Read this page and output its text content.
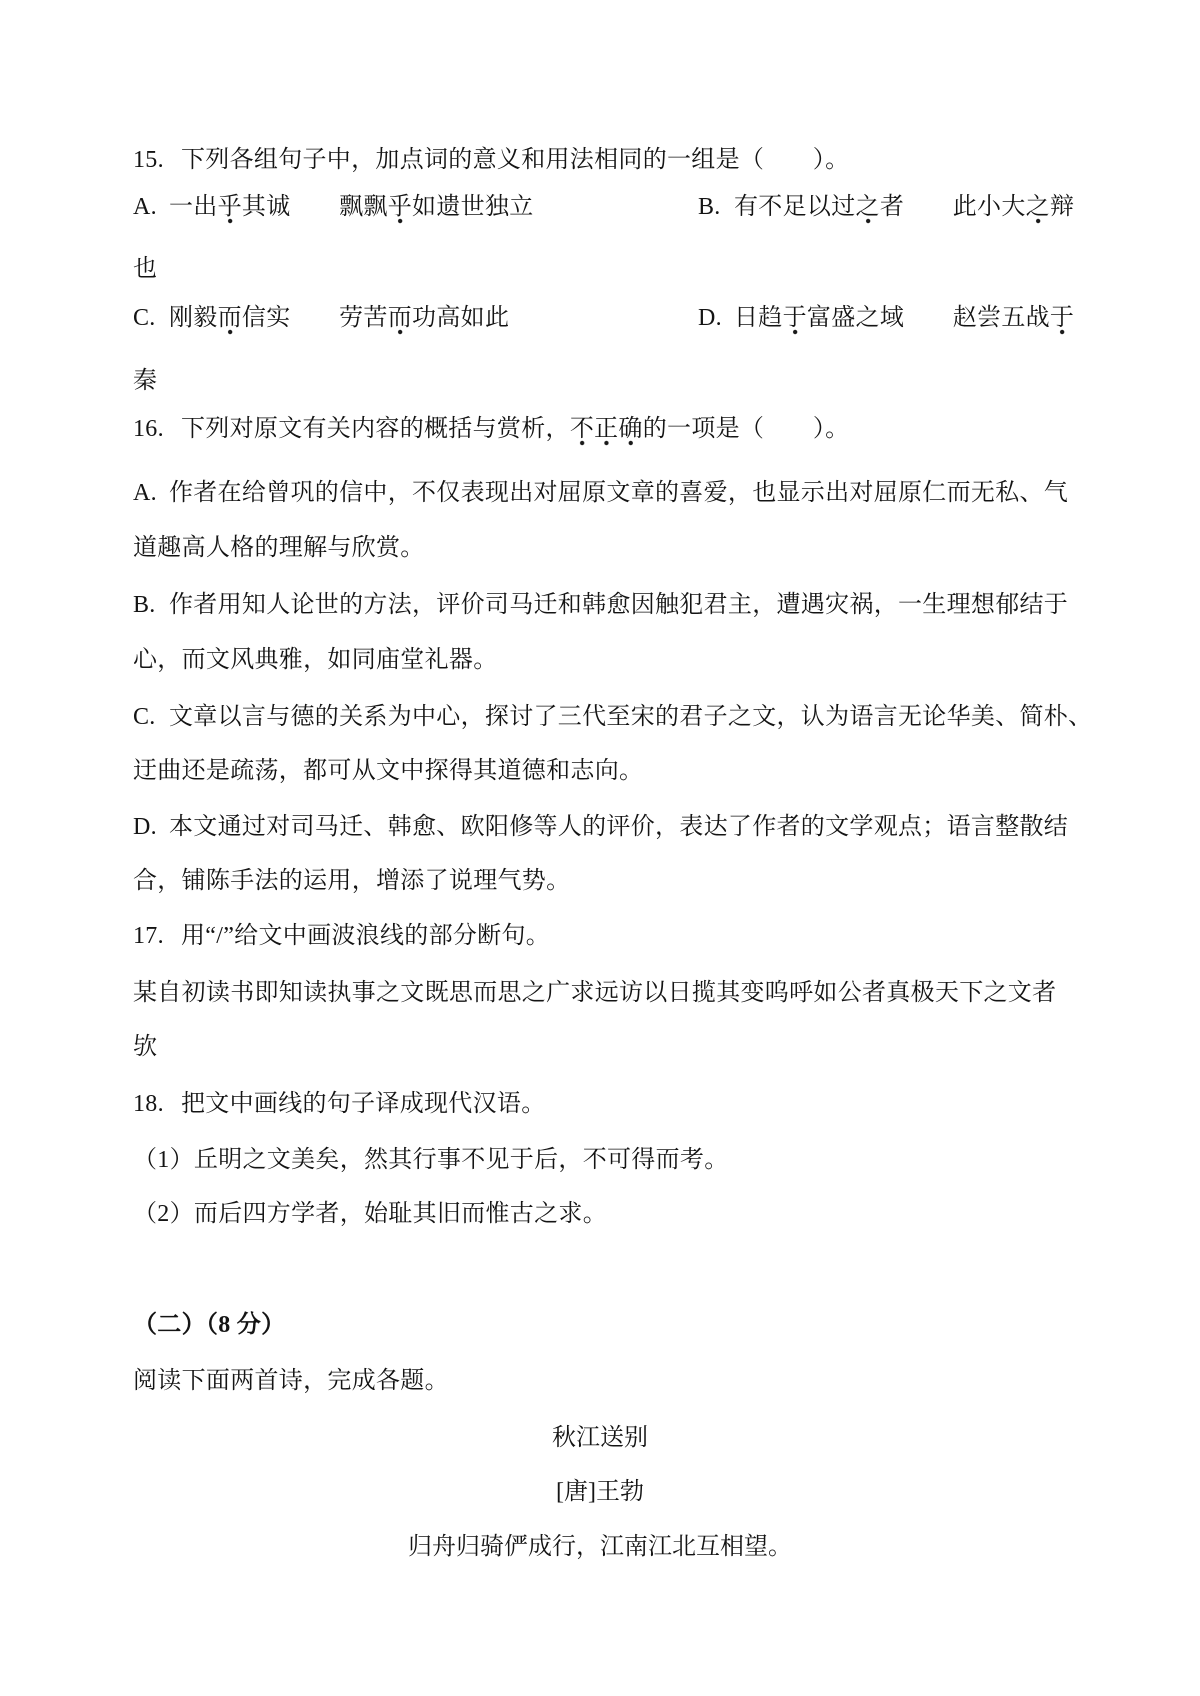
15. 下列各组句子中，加点词的意义和用法相同的一组是（　　）。
A. 一出乎其诚 飘飘乎如遗世独立	B. 有不足以过之者 此小大之辩
也
C. 刚毅而信实 劳苦而功高如此	D. 日趋于富盛之域 赵尝五战于
秦
16. 下列对原文有关内容的概括与赏析，不正确的一项是（　　）。
A. 作者在给曾巩的信中，不仅表现出对屈原文章的喜爱，也显示出对屈原仁而无私、气
道趣高人格的理解与欣赏。
B. 作者用知人论世的方法，评价司马迁和韩愈因触犯君主，遭遇灾祸，一生理想郁结于
心，而文风典雅，如同庙堂礼器。
C. 文章以言与德的关系为中心，探讨了三代至宋的君子之文，认为语言无论华美、简朴、
迂曲还是疏荡，都可从文中探得其道德和志向。
D. 本文通过对司马迁、韩愈、欧阳修等人的评价，表达了作者的文学观点；语言整散结
合，铺陈手法的运用，增添了说理气势。
17. 用“/”给文中画波浪线的部分断句。
某自初读书即知读执事之文既思而思之广求远访以日揽其变呜呼如公者真极天下之文者
欤
18. 把文中画线的句子译成现代汉语。
（1）丘明之文美矣，然其行事不见于后，不可得而考。
（2）而后四方学者，始耻其旧而惟古之求。
（二）（8 分）
阅读下面两首诗，完成各题。
秋江送别
[唐]王勃
归舟归骑俨成行，江南江北互相望。
